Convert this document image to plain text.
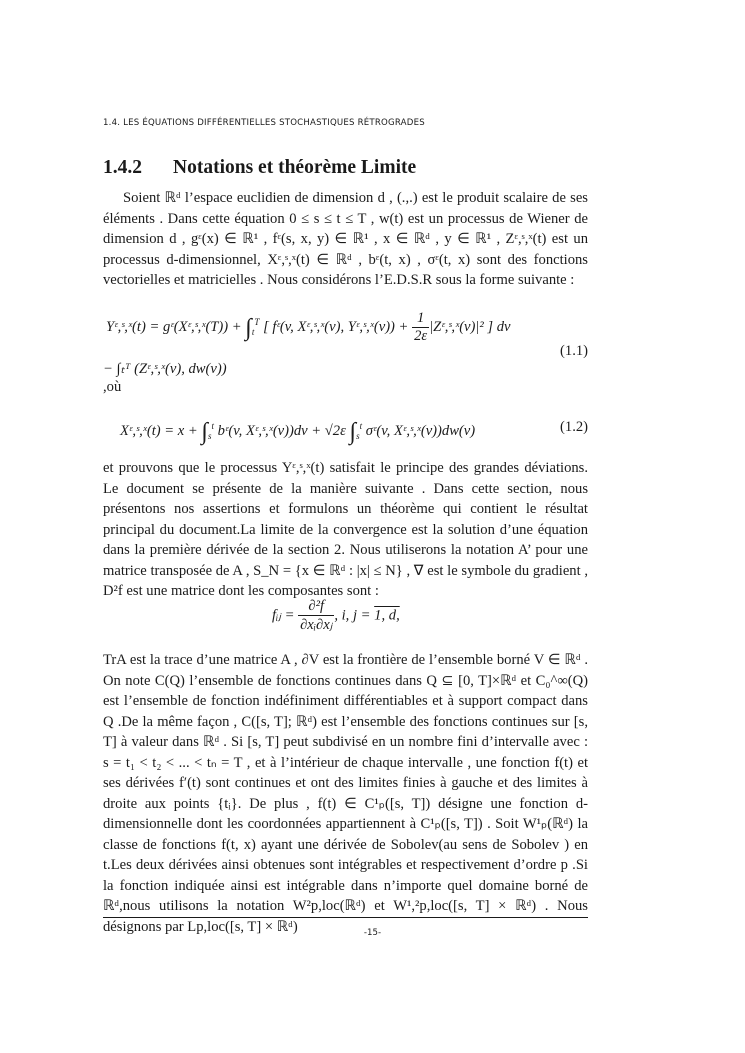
1.4. LES ÉQUATIONS DIFFÉRENTIELLES STOCHASTIQUES RÉTROGRADES
1.4.2 Notations et théorème Limite
Soient ℝᵈ l’espace euclidien de dimension d , (.,.) est le produit scalaire de ses éléments . Dans cette équation 0 ≤ s ≤ t ≤ T , w(t) est un processus de Wiener de dimension d , gᵋ(x) ∈ ℝ¹ , fᵋ(s, x, y) ∈ ℝ¹ , x ∈ ℝᵈ , y ∈ ℝ¹ , Zᵋ,ˢ,ˣ(t) est un processus d-dimensionnel, Xᵋ,ˢ,ˣ(t) ∈ ℝᵈ , bᵋ(t, x) , σᵋ(t, x) sont des fonctions vectorielles et matricielles . Nous considérons l’E.D.S.R sous la forme suivante :
Yᵋ,ˢ,ˣ(t) = gᵋ(Xᵋ,ˢ,ˣ(T)) + $\int_t^T$ [ fᵋ(v, Xᵋ,ˢ,ˣ(v), Yᵋ,ˢ,ˣ(v)) + $\frac{1}{2\varepsilon}$ |Zᵋ,ˢ,ˣ(v)|² ] dv
(1.1)
− ∫ₜᵀ (Zᵋ,ˢ,ˣ(v), dw(v))
,où
Xᵋ,ˢ,ˣ(t) = $x + \int_s^t$ bᵋ(v, Xᵋ,ˢ,ˣ(v))dv + √2ε $\int_s^t$ σᵋ(v, Xᵋ,ˢ,ˣ(v))dw(v)	(1.2)
et prouvons que le processus Yᵋ,ˢ,ˣ(t) satisfait le principe des grandes déviations. Le document se présente de la manière suivante . Dans cette section, nous présentons nos assertions et formulons un théorème qui contient le résultat principal du document.La limite de la convergence est la solution d’une équation dans la première dérivée de la section 2. Nous utiliserons la notation A’ pour une matrice transposée de A , S_N = {x ∈ ℝᵈ : |x| ≤ N} , ∇ est le symbole du gradient , D²f est une matrice dont les composantes sont :
fᵢⱼ = $\frac{\text{∂²f}}{\text{∂xᵢ∂xⱼ}}$ , i, j = 1, d,
TrA est la trace d’une matrice A , ∂V est la frontière de l’ensemble borné V ∈ ℝᵈ . On note C(Q) l’ensemble de fonctions continues dans Q ⊆ [0, T]×ℝᵈ et C₀^∞(Q) est l’ensemble de fonction indéfiniment différentiables et à support compact dans Q .De la même façon , C([s, T]; ℝᵈ) est l’ensemble des fonctions continues sur [s, T] à valeur dans ℝᵈ . Si [s, T] peut subdivisé en un nombre fini d’intervalle avec : s = t₁ < t₂ < ... < tₙ = T , et à l’intérieur de chaque intervalle , une fonction f(t) et ses dérivées f′(t) sont continues et ont des limites finies à gauche et des limites à droite aux points {tᵢ}. De plus , f(t) ∈ C¹ₚ([s, T]) désigne une fonction d-dimensionnelle dont les coordonnées appartiennent à C¹ₚ([s, T]) . Soit W¹ₚ(ℝᵈ) la classe de fonctions f(t, x) ayant une dérivée de Sobolev(au sens de Sobolev ) en t.Les deux dérivées ainsi obtenues sont intégrables et respectivement d’ordre p .Si la fonction indiquée ainsi est intégrable dans n’importe quel domaine borné de ℝᵈ,nous utilisons la notation W²p,loc(ℝᵈ) et W¹,²p,loc([s, T] × ℝᵈ) . Nous désignons par Lp,loc([s, T] × ℝᵈ)	-15-
